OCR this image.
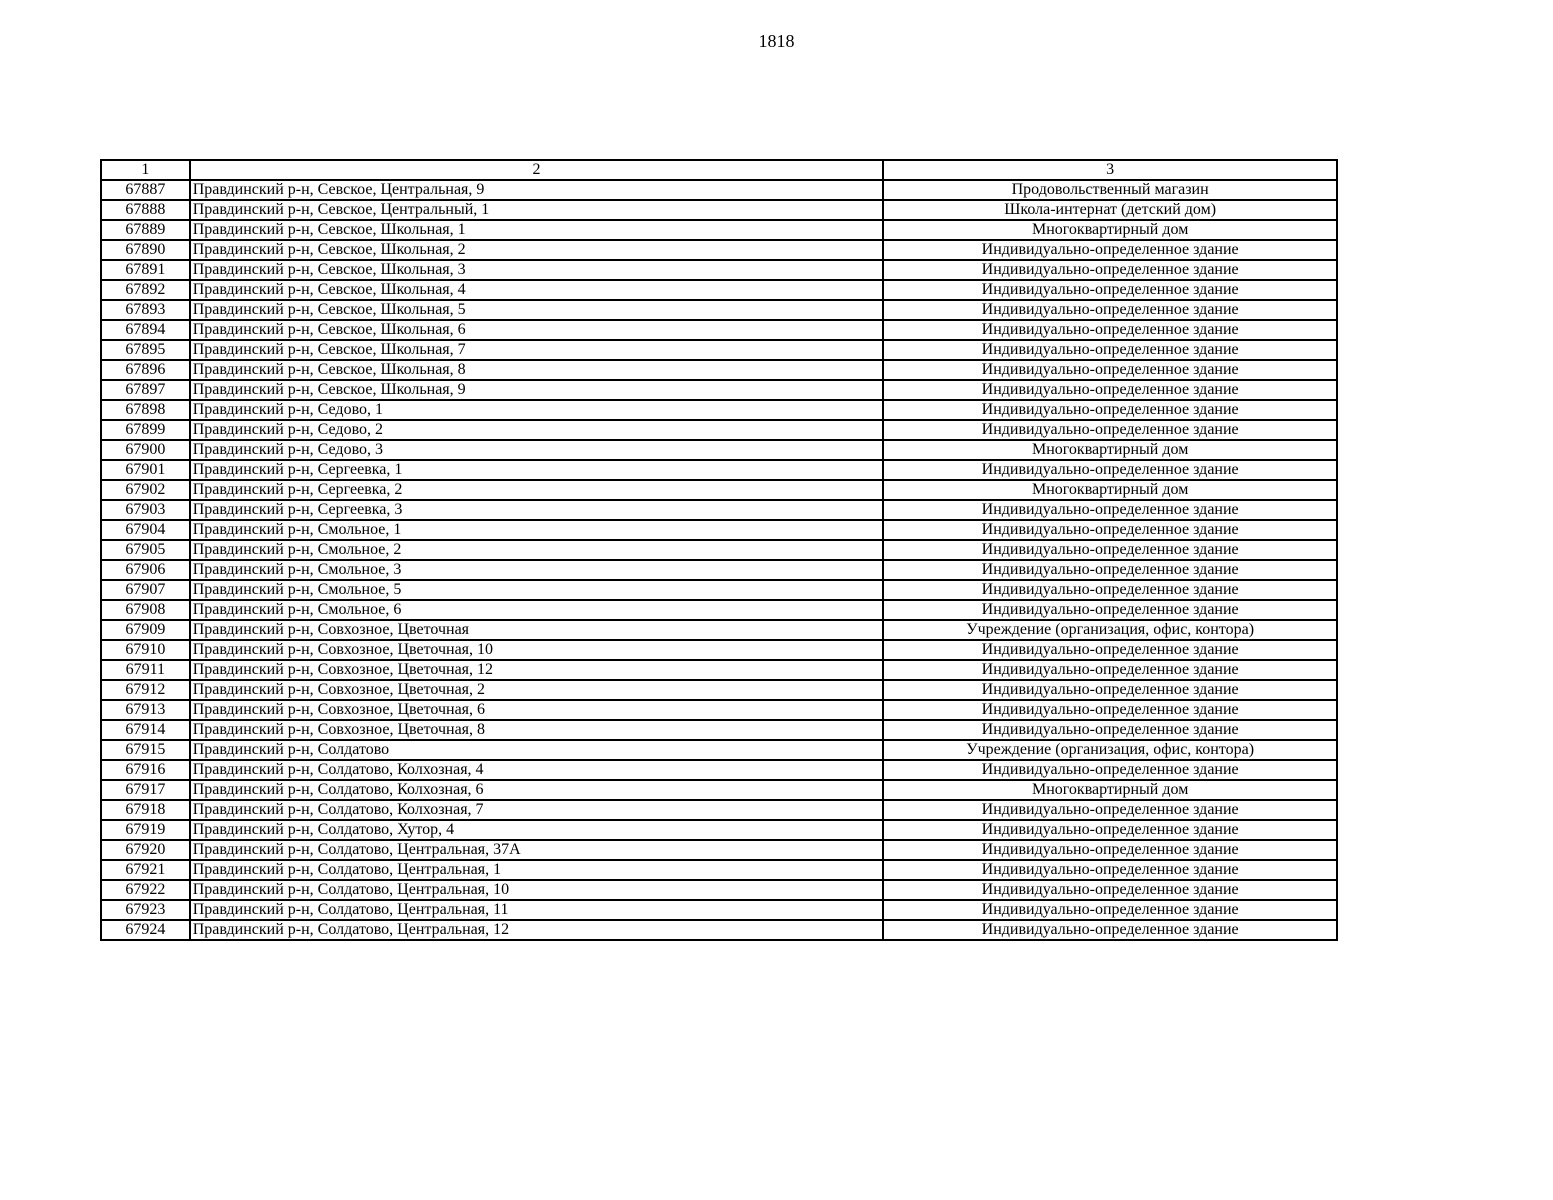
1818
1	2	3
67887	Правдинский р-н, Севское, Центральная, 9	Продовольственный магазин
67888	Правдинский р-н, Севское, Центральный, 1	Школа-интернат (детский дом)
67889	Правдинский р-н, Севское, Школьная, 1	Многоквартирный дом
67890	Правдинский р-н, Севское, Школьная, 2	Индивидуально-определенное здание
67891	Правдинский р-н, Севское, Школьная, 3	Индивидуально-определенное здание
67892	Правдинский р-н, Севское, Школьная, 4	Индивидуально-определенное здание
67893	Правдинский р-н, Севское, Школьная, 5	Индивидуально-определенное здание
67894	Правдинский р-н, Севское, Школьная, 6	Индивидуально-определенное здание
67895	Правдинский р-н, Севское, Школьная, 7	Индивидуально-определенное здание
67896	Правдинский р-н, Севское, Школьная, 8	Индивидуально-определенное здание
67897	Правдинский р-н, Севское, Школьная, 9	Индивидуально-определенное здание
67898	Правдинский р-н, Седово, 1	Индивидуально-определенное здание
67899	Правдинский р-н, Седово, 2	Индивидуально-определенное здание
67900	Правдинский р-н, Седово, 3	Многоквартирный дом
67901	Правдинский р-н, Сергеевка, 1	Индивидуально-определенное здание
67902	Правдинский р-н, Сергеевка, 2	Многоквартирный дом
67903	Правдинский р-н, Сергеевка, 3	Индивидуально-определенное здание
67904	Правдинский р-н, Смольное, 1	Индивидуально-определенное здание
67905	Правдинский р-н, Смольное, 2	Индивидуально-определенное здание
67906	Правдинский р-н, Смольное, 3	Индивидуально-определенное здание
67907	Правдинский р-н, Смольное, 5	Индивидуально-определенное здание
67908	Правдинский р-н, Смольное, 6	Индивидуально-определенное здание
67909	Правдинский р-н, Совхозное, Цветочная	Учреждение (организация, офис, контора)
67910	Правдинский р-н, Совхозное, Цветочная, 10	Индивидуально-определенное здание
67911	Правдинский р-н, Совхозное, Цветочная, 12	Индивидуально-определенное здание
67912	Правдинский р-н, Совхозное, Цветочная, 2	Индивидуально-определенное здание
67913	Правдинский р-н, Совхозное, Цветочная, 6	Индивидуально-определенное здание
67914	Правдинский р-н, Совхозное, Цветочная, 8	Индивидуально-определенное здание
67915	Правдинский р-н, Солдатово	Учреждение (организация, офис, контора)
67916	Правдинский р-н, Солдатово, Колхозная, 4	Индивидуально-определенное здание
67917	Правдинский р-н, Солдатово, Колхозная, 6	Многоквартирный дом
67918	Правдинский р-н, Солдатово, Колхозная, 7	Индивидуально-определенное здание
67919	Правдинский р-н, Солдатово, Хутор, 4	Индивидуально-определенное здание
67920	Правдинский р-н, Солдатово, Центральная, 37А	Индивидуально-определенное здание
67921	Правдинский р-н, Солдатово, Центральная, 1	Индивидуально-определенное здание
67922	Правдинский р-н, Солдатово, Центральная, 10	Индивидуально-определенное здание
67923	Правдинский р-н, Солдатово, Центральная, 11	Индивидуально-определенное здание
67924	Правдинский р-н, Солдатово, Центральная, 12	Индивидуально-определенное здание
